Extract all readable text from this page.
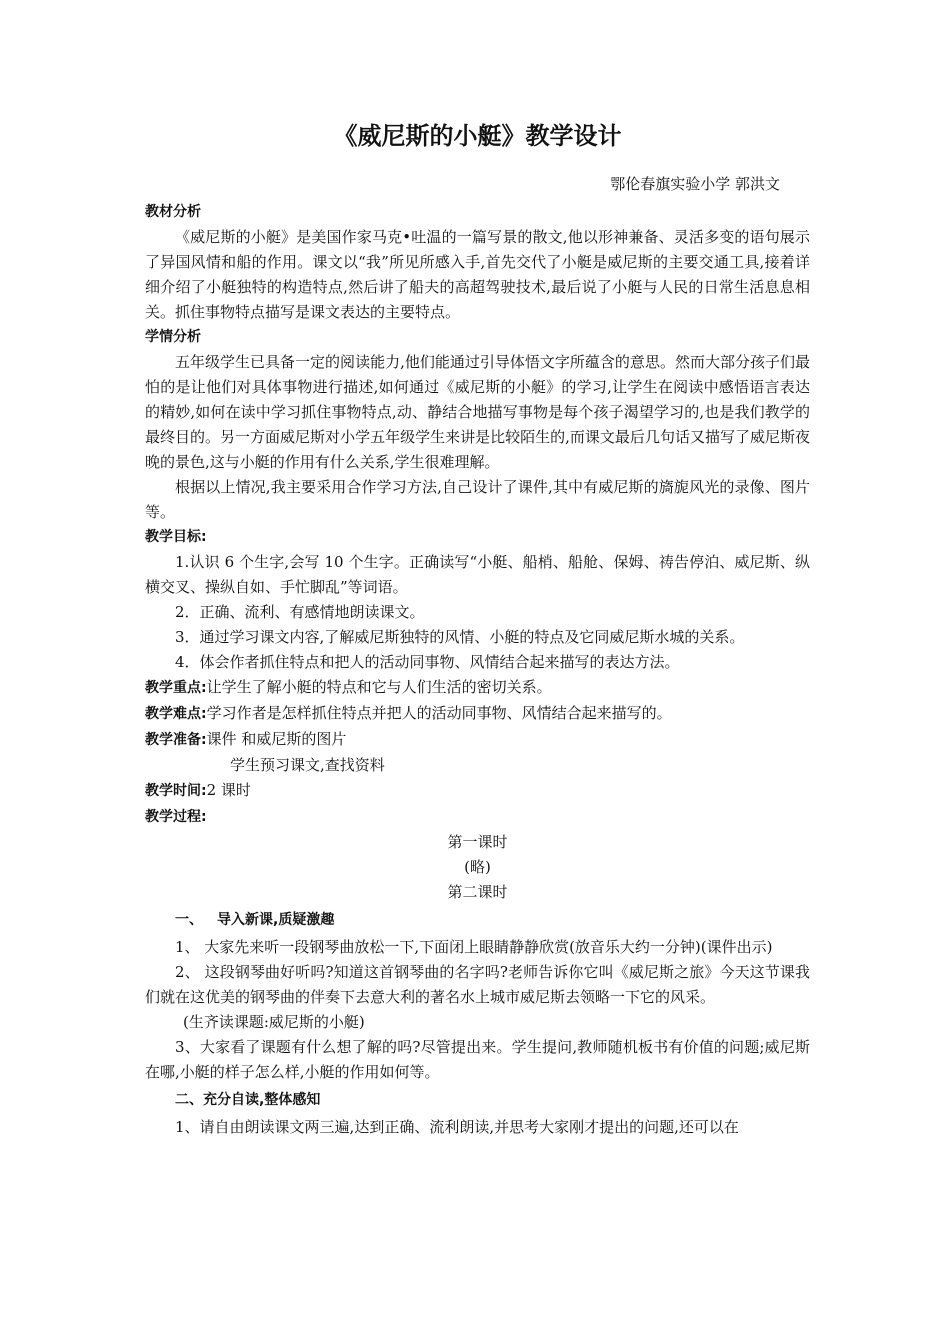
《威尼斯的小艇》教学设计
鄂伦春旗实验小学 郭洪文
教材分析

《威尼斯的小艇》是美国作家马克•吐温的一篇写景的散文,他以形神兼备、灵活多变的语句展示了异国风情和船的作用。课文以“我”所见所感入手,首先交代了小艇是威尼斯的主要交通工具,接着详细介绍了小艇独特的构造特点,然后讲了船夫的高超驾驶技术,最后说了小艇与人民的日常生活息息相关。抓住事物特点描写是课文表达的主要特点。

学情分析

五年级学生已具备一定的阅读能力,他们能通过引导体悟文字所蕴含的意思。然而大部分孩子们最怕的是让他们对具体事物进行描述,如何通过《威尼斯的小艇》的学习,让学生在阅读中感悟语言表达的精妙,如何在读中学习抓住事物特点,动、静结合地描写事物是每个孩子渴望学习的,也是我们教学的最终目的。另一方面威尼斯对小学五年级学生来讲是比较陌生的,而课文最后几句话又描写了威尼斯夜晚的景色,这与小艇的作用有什么关系,学生很难理解。

根据以上情况,我主要采用合作学习方法,自己设计了课件,其中有威尼斯的旖旎风光的录像、图片等。

教学目标:

1.认识 6 个生字,会写 10 个生字。正确读写“小艇、船梢、船舱、保姆、祷告停泊、威尼斯、纵横交叉、操纵自如、手忙脚乱”等词语。

2．正确、流利、有感情地朗读课文。

3．通过学习课文内容,了解威尼斯独特的风情、小艇的特点及它同威尼斯水城的关系。

4．体会作者抓住特点和把人的活动同事物、风情结合起来描写的表达方法。

教学重点:让学生了解小艇的特点和它与人们生活的密切关系。

教学难点:学习作者是怎样抓住特点并把人的活动同事物、风情结合起来描写的。

教学准备:课件 和威尼斯的图片

学生预习课文,查找资料

教学时间:2 课时

教学过程:

第一课时

(略)

第二课时

一、 导入新课,质疑激趣

1、 大家先来听一段钢琴曲放松一下,下面闭上眼睛静静欣赏(放音乐大约一分钟)(课件出示)

2、 这段钢琴曲好听吗?知道这首钢琴曲的名字吗?老师告诉你它叫《威尼斯之旅》今天这节课我们就在这优美的钢琴曲的伴奏下去意大利的著名水上城市威尼斯去领略一下它的风采。

(生齐读课题:威尼斯的小艇)

3、大家看了课题有什么想了解的吗?尽管提出来。学生提问,教师随机板书有价值的问题;威尼斯在哪,小艇的样子怎么样,小艇的作用如何等。

二、充分自读,整体感知

1、请自由朗读课文两三遍,达到正确、流利朗读,并思考大家刚才提出的问题,还可以在
